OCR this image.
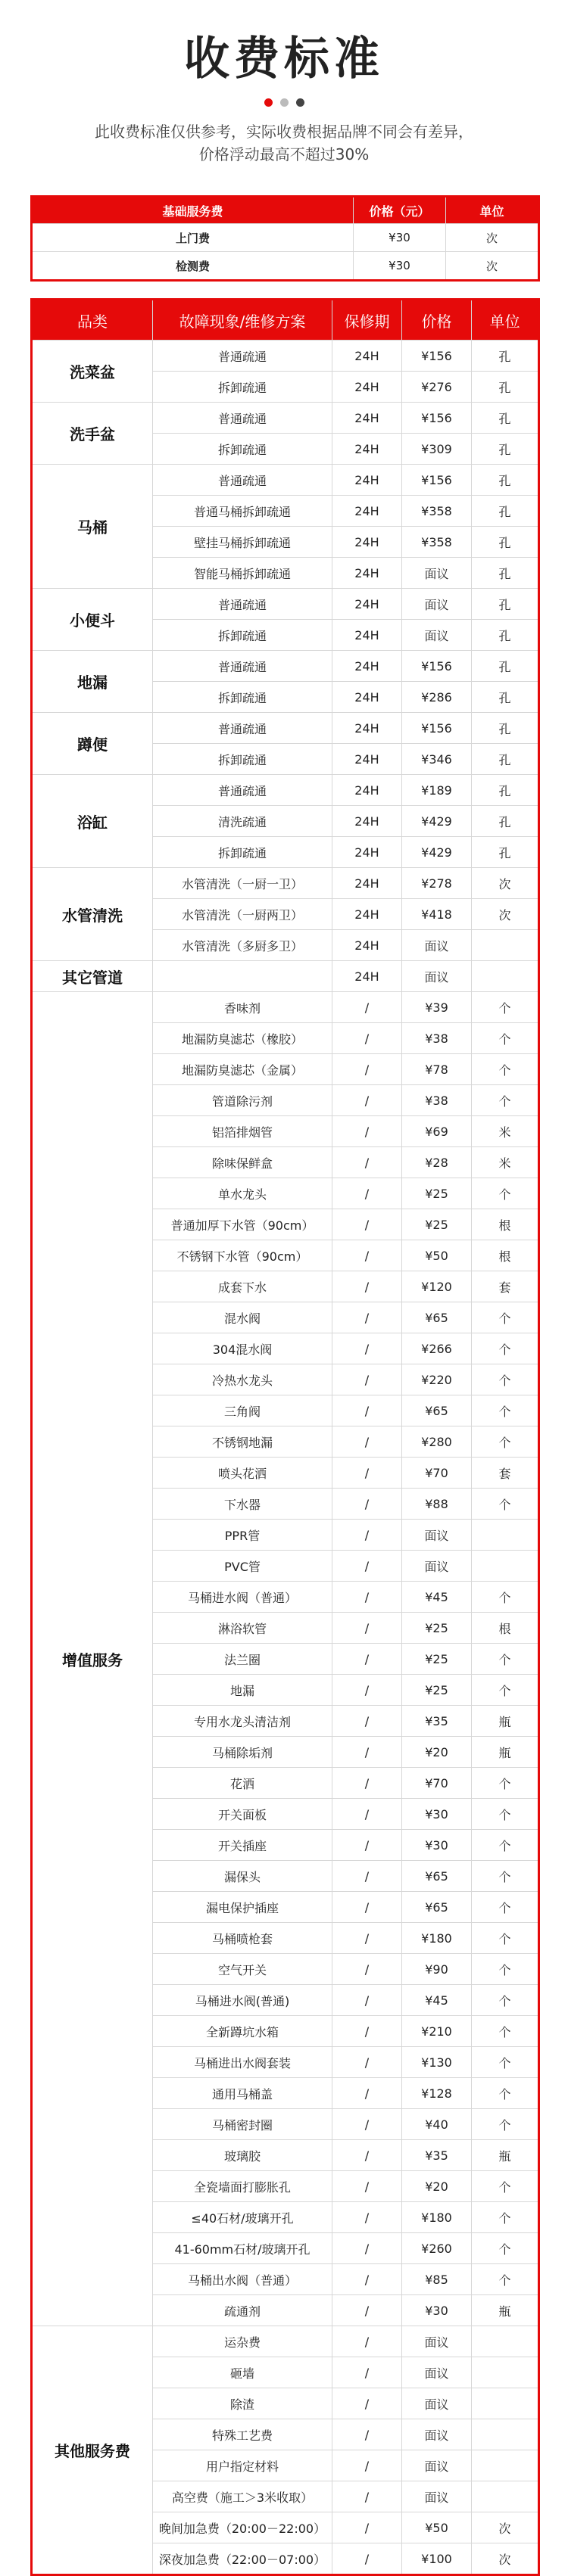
收费标准
此收费标准仅供参考，实际收费根据品牌不同会有差异，
价格浮动最高不超过30%
基础服务费	价格（元）	单位
上门费	¥30	次
检测费	¥30	次
品类	故障现象/维修方案	保修期	价格	单位
洗菜盆	普通疏通	24H	¥156	孔
	拆卸疏通	24H	¥276	孔
洗手盆	普通疏通	24H	¥156	孔
	拆卸疏通	24H	¥309	孔
马桶	普通疏通	24H	¥156	孔
	普通马桶拆卸疏通	24H	¥358	孔
	壁挂马桶拆卸疏通	24H	¥358	孔
	智能马桶拆卸疏通	24H	面议	孔
小便斗	普通疏通	24H	面议	孔
	拆卸疏通	24H	面议	孔
地漏	普通疏通	24H	¥156	孔
	拆卸疏通	24H	¥286	孔
蹲便	普通疏通	24H	¥156	孔
	拆卸疏通	24H	¥346	孔
浴缸	普通疏通	24H	¥189	孔
	清洗疏通	24H	¥429	孔
	拆卸疏通	24H	¥429	孔
水管清洗	水管清洗（一厨一卫）	24H	¥278	次
	水管清洗（一厨两卫）	24H	¥418	次
	水管清洗（多厨多卫）	24H	面议	
其它管道		24H	面议	
增值服务	香味剂	/	¥39	个
	地漏防臭滤芯（橡胶）	/	¥38	个
	地漏防臭滤芯（金属）	/	¥78	个
	管道除污剂	/	¥38	个
	铝箔排烟管	/	¥69	米
	除味保鲜盒	/	¥28	米
	单水龙头	/	¥25	个
	普通加厚下水管（90cm）	/	¥25	根
	不锈钢下水管（90cm）	/	¥50	根
	成套下水	/	¥120	套
	混水阀	/	¥65	个
	304混水阀	/	¥266	个
	冷热水龙头	/	¥220	个
	三角阀	/	¥65	个
	不锈钢地漏	/	¥280	个
	喷头花洒	/	¥70	套
	下水器	/	¥88	个
	PPR管	/	面议	
	PVC管	/	面议	
	马桶进水阀（普通）	/	¥45	个
	淋浴软管	/	¥25	根
	法兰圈	/	¥25	个
	地漏	/	¥25	个
	专用水龙头清洁剂	/	¥35	瓶
	马桶除垢剂	/	¥20	瓶
	花洒	/	¥70	个
	开关面板	/	¥30	个
	开关插座	/	¥30	个
	漏保头	/	¥65	个
	漏电保护插座	/	¥65	个
	马桶喷枪套	/	¥180	个
	空气开关	/	¥90	个
	马桶进水阀(普通)	/	¥45	个
	全新蹲坑水箱	/	¥210	个
	马桶进出水阀套装	/	¥130	个
	通用马桶盖	/	¥128	个
	马桶密封圈	/	¥40	个
	玻璃胶	/	¥35	瓶
	全瓷墙面打膨胀孔	/	¥20	个
	≤40石材/玻璃开孔	/	¥180	个
	41-60mm石材/玻璃开孔	/	¥260	个
	马桶出水阀（普通）	/	¥85	个
	疏通剂	/	¥30	瓶
其他服务费	运杂费	/	面议	
	砸墙	/	面议	
	除渣	/	面议	
	特殊工艺费	/	面议	
	用户指定材料	/	面议	
	高空费（施工＞3米收取）	/	面议	
	晚间加急费（20:00－22:00）	/	¥50	次
	深夜加急费（22:00－07:00）	/	¥100	次
